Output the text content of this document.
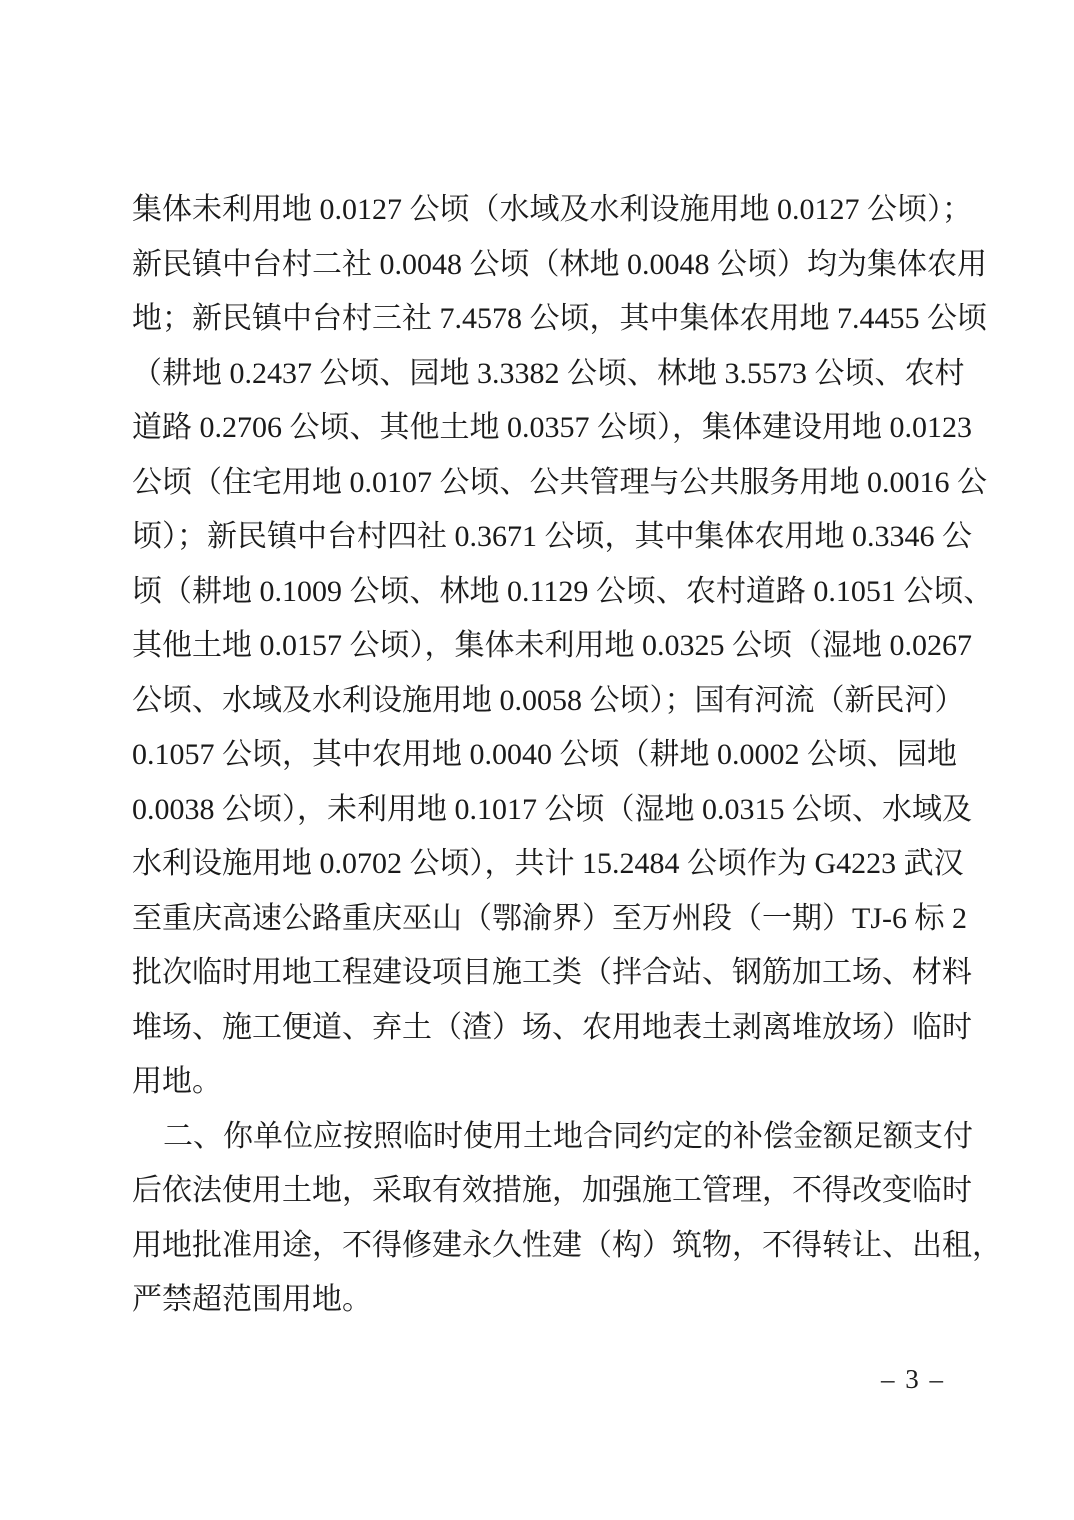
集体未利用地 0.0127 公顷（水域及水利设施用地 0.0127 公顷）；
新民镇中台村二社 0.0048 公顷（林地 0.0048 公顷）均为集体农用
地；新民镇中台村三社 7.4578 公顷，其中集体农用地 7.4455 公顷
（耕地 0.2437 公顷、园地 3.3382 公顷、林地 3.5573 公顷、农村
道路 0.2706 公顷、其他土地 0.0357 公顷），集体建设用地 0.0123
公顷（住宅用地 0.0107 公顷、公共管理与公共服务用地 0.0016 公
顷）；新民镇中台村四社 0.3671 公顷，其中集体农用地 0.3346 公
顷（耕地 0.1009 公顷、林地 0.1129 公顷、农村道路 0.1051 公顷、
其他土地 0.0157 公顷），集体未利用地 0.0325 公顷（湿地 0.0267
公顷、水域及水利设施用地 0.0058 公顷）；国有河流（新民河）
0.1057 公顷，其中农用地 0.0040 公顷（耕地 0.0002 公顷、园地
0.0038 公顷），未利用地 0.1017 公顷（湿地 0.0315 公顷、水域及
水利设施用地 0.0702 公顷），共计 15.2484 公顷作为 G4223 武汉
至重庆高速公路重庆巫山（鄂渝界）至万州段（一期）TJ-6 标 2
批次临时用地工程建设项目施工类（拌合站、钢筋加工场、材料
堆场、施工便道、弃土（渣）场、农用地表土剥离堆放场）临时
用地。
二、你单位应按照临时使用土地合同约定的补偿金额足额支付
后依法使用土地，采取有效措施，加强施工管理，不得改变临时
用地批准用途，不得修建永久性建（构）筑物，不得转让、出租，
严禁超范围用地。
– 3 –
